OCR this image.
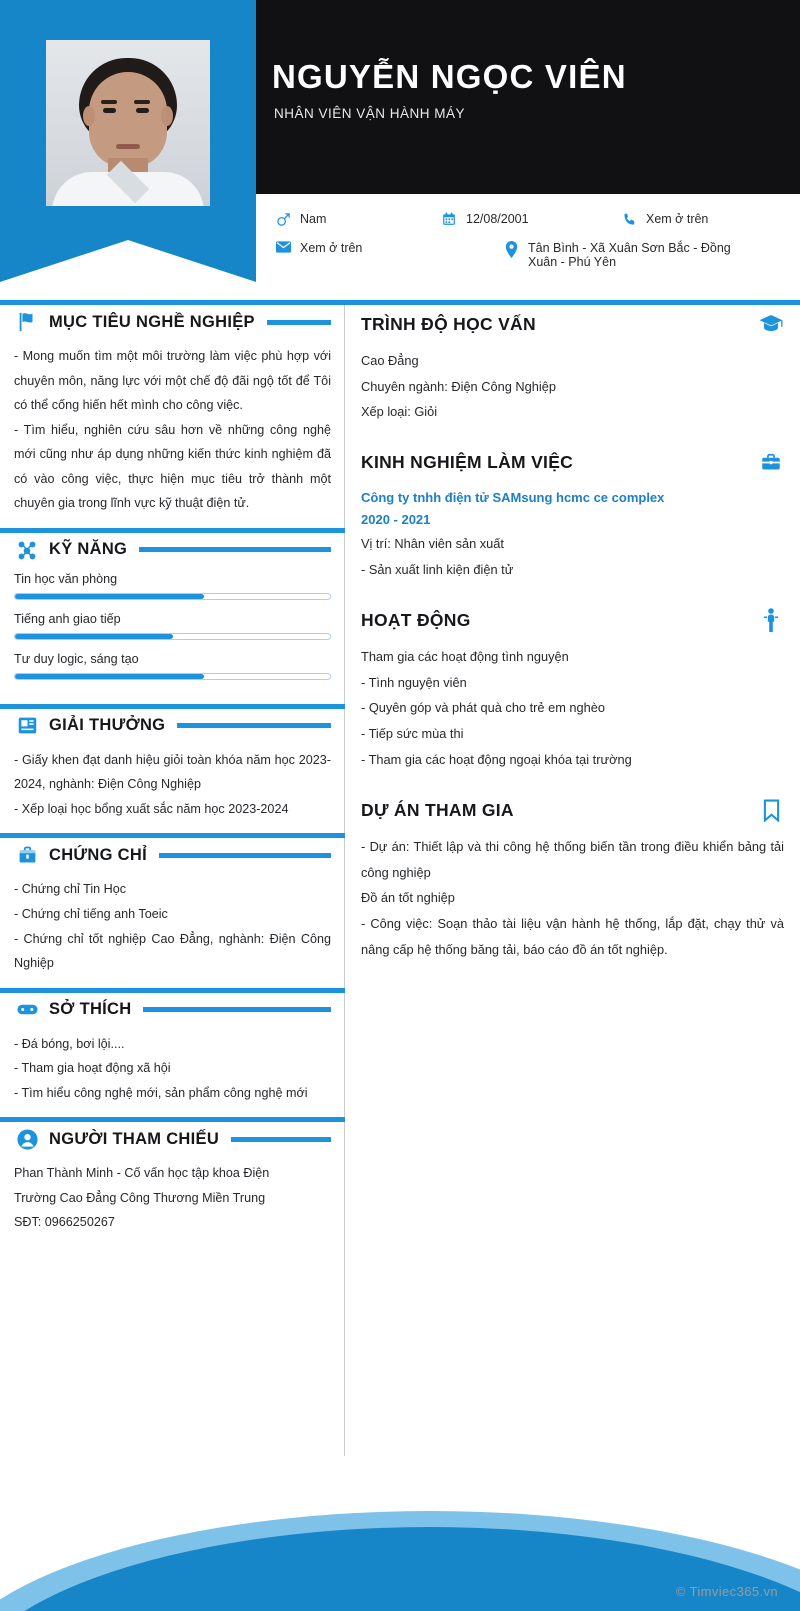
NGUYỄN NGỌC VIÊN
NHÂN VIÊN VẬN HÀNH MÁY
Nam	12/08/2001	Xem ở trên
Xem ở trên	Tân Bình - Xã Xuân Sơn Bắc - Đồng Xuân - Phú Yên
MỤC TIÊU NGHỀ NGHIỆP

- Mong muốn tìm một môi trường làm việc phù hợp với chuyên môn, năng lực với một chế độ đãi ngộ tốt để Tôi có thể cống hiến hết mình cho công việc.

- Tìm hiểu, nghiên cứu sâu hơn về những công nghệ mới cũng như áp dụng những kiến thức kinh nghiệm đã có vào công việc, thực hiện mục tiêu trở thành một chuyên gia trong lĩnh vực kỹ thuật điện tử.

KỸ NĂNG
Tin học văn phòng
Tiếng anh giao tiếp
Tư duy logic, sáng tạo
GIẢI THƯỞNG

- Giấy khen đạt danh hiệu giỏi toàn khóa năm học 2023-2024, nghành: Điện Công Nghiệp

- Xếp loại học bổng xuất sắc năm học 2023-2024

CHỨNG CHỈ

- Chứng chỉ Tin Học

- Chứng chỉ tiếng anh Toeic

- Chứng chỉ tốt nghiệp Cao Đẳng, nghành: Điện Công Nghiệp

SỞ THÍCH

- Đá bóng, bơi lội....

- Tham gia hoạt động xã hội

- Tìm hiểu công nghệ mới, sản phẩm công nghệ mới

NGƯỜI THAM CHIẾU

Phan Thành Minh - Cố vấn học tập khoa Điện

Trường Cao Đẳng Công Thương Miền Trung

SĐT: 0966250267

TRÌNH ĐỘ HỌC VẤN

Cao Đẳng

Chuyên ngành: Điện Công Nghiệp

Xếp loại: Giỏi

KINH NGHIỆM LÀM VIỆC
Công ty tnhh điện tử SAMsung hcmc ce complex
2020 - 2021

Vị trí: Nhân viên sản xuất

- Sản xuất linh kiện điện tử

HOẠT ĐỘNG

Tham gia các hoạt động tình nguyện

- Tình nguyện viên

- Quyên góp và phát quà cho trẻ em nghèo

- Tiếp sức mùa thi

- Tham gia các hoạt động ngoại khóa tại trường

DỰ ÁN THAM GIA

- Dự án: Thiết lập và thi công hệ thống biến tần trong điều khiển bảng tải công nghiệp

Đồ án tốt nghiệp

- Công việc: Soạn thảo tài liệu vận hành hệ thống, lắp đặt, chạy thử và nâng cấp hệ thống băng tải, báo cáo đồ án tốt nghiệp.

© Timviec365.vn
